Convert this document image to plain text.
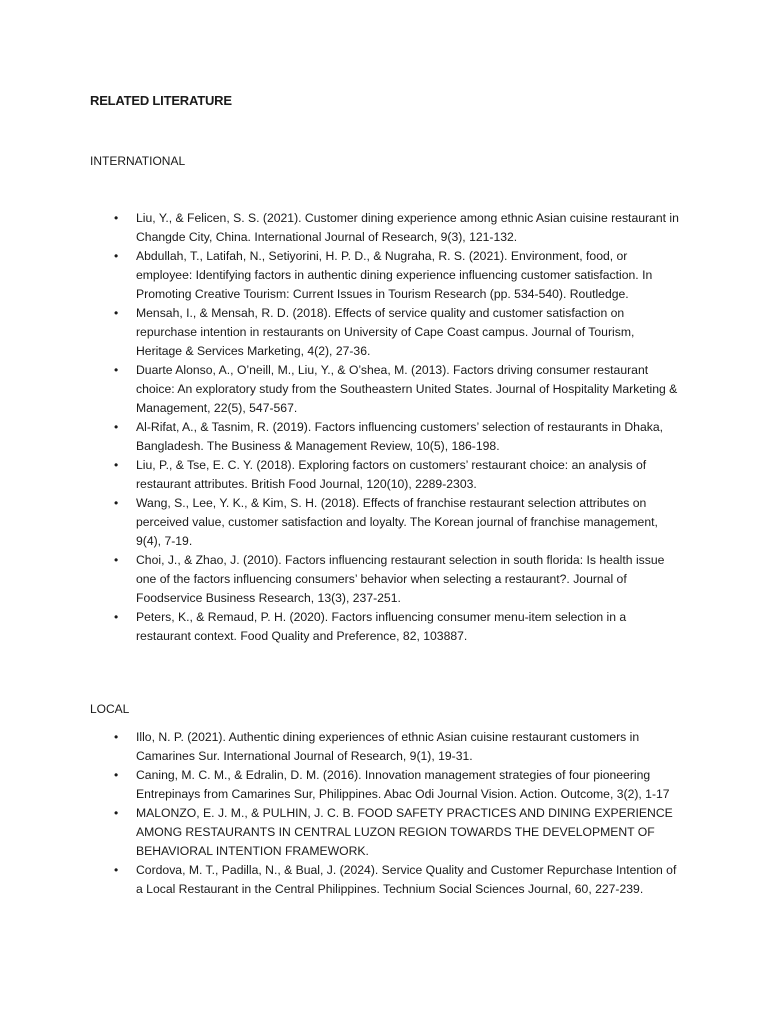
RELATED LITERATURE
INTERNATIONAL
• Liu, Y., & Felicen, S. S. (2021). Customer dining experience among ethnic Asian cuisine restaurant in Changde City, China. International Journal of Research, 9(3), 121-132.
• Abdullah, T., Latifah, N., Setiyorini, H. P. D., & Nugraha, R. S. (2021). Environment, food, or employee: Identifying factors in authentic dining experience influencing customer satisfaction. In Promoting Creative Tourism: Current Issues in Tourism Research (pp. 534-540). Routledge.
• Mensah, I., & Mensah, R. D. (2018). Effects of service quality and customer satisfaction on repurchase intention in restaurants on University of Cape Coast campus. Journal of Tourism, Heritage & Services Marketing, 4(2), 27-36.
• Duarte Alonso, A., O’neill, M., Liu, Y., & O’shea, M. (2013). Factors driving consumer restaurant choice: An exploratory study from the Southeastern United States. Journal of Hospitality Marketing & Management, 22(5), 547-567.
• Al-Rifat, A., & Tasnim, R. (2019). Factors influencing customers’ selection of restaurants in Dhaka, Bangladesh. The Business & Management Review, 10(5), 186-198.
• Liu, P., & Tse, E. C. Y. (2018). Exploring factors on customers’ restaurant choice: an analysis of restaurant attributes. British Food Journal, 120(10), 2289-2303.
• Wang, S., Lee, Y. K., & Kim, S. H. (2018). Effects of franchise restaurant selection attributes on perceived value, customer satisfaction and loyalty. The Korean journal of franchise management, 9(4), 7-19.
• Choi, J., & Zhao, J. (2010). Factors influencing restaurant selection in south florida: Is health issue one of the factors influencing consumers’ behavior when selecting a restaurant?. Journal of Foodservice Business Research, 13(3), 237-251.
• Peters, K., & Remaud, P. H. (2020). Factors influencing consumer menu-item selection in a restaurant context. Food Quality and Preference, 82, 103887.
LOCAL
• Illo, N. P. (2021). Authentic dining experiences of ethnic Asian cuisine restaurant customers in Camarines Sur. International Journal of Research, 9(1), 19-31.
• Caning, M. C. M., & Edralin, D. M. (2016). Innovation management strategies of four pioneering Entrepinays from Camarines Sur, Philippines. Abac Odi Journal Vision. Action. Outcome, 3(2), 1-17
• MALONZO, E. J. M., & PULHIN, J. C. B. FOOD SAFETY PRACTICES AND DINING EXPERIENCE AMONG RESTAURANTS IN CENTRAL LUZON REGION TOWARDS THE DEVELOPMENT OF BEHAVIORAL INTENTION FRAMEWORK.
• Cordova, M. T., Padilla, N., & Bual, J. (2024). Service Quality and Customer Repurchase Intention of a Local Restaurant in the Central Philippines. Technium Social Sciences Journal, 60, 227-239.
